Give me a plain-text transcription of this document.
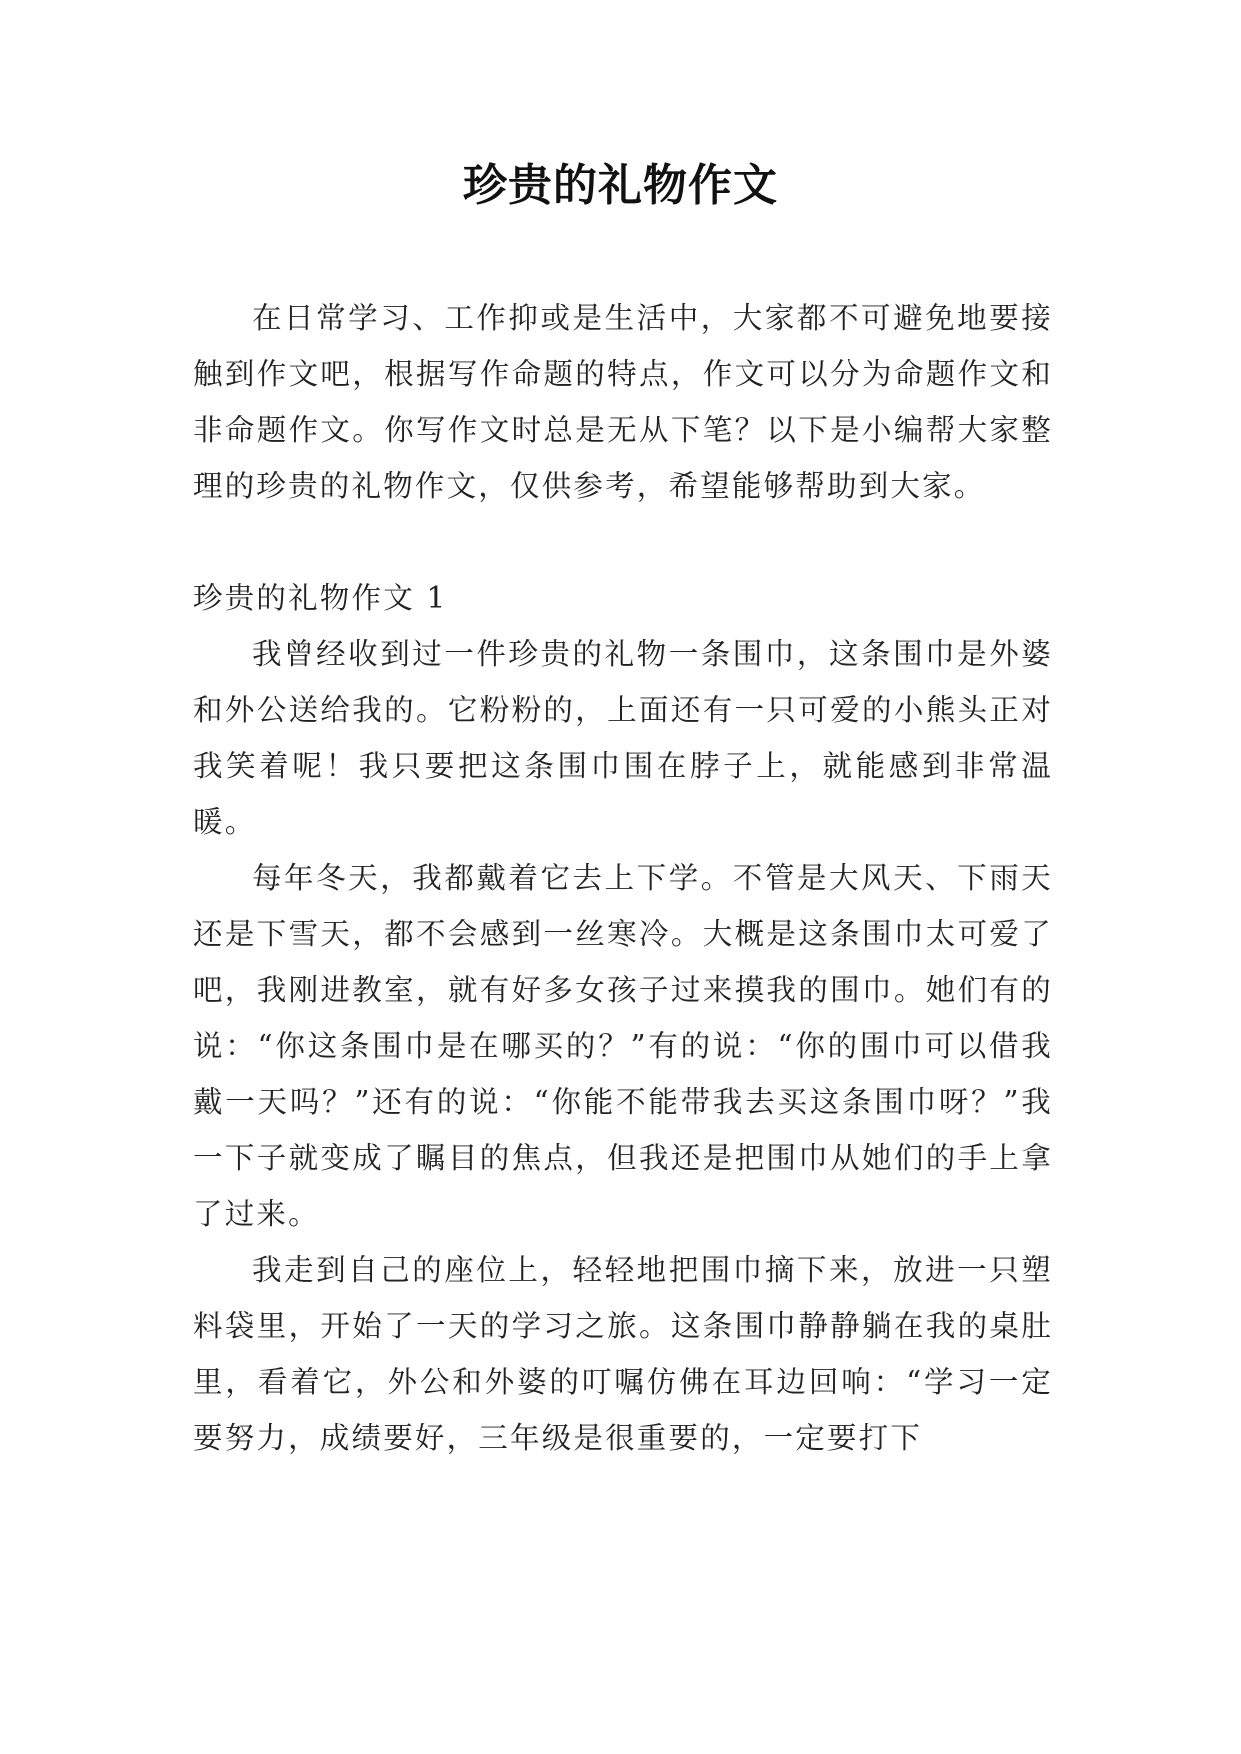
珍贵的礼物作文

在日常学习、工作抑或是生活中，大家都不可避免地要接触到作文吧，根据写作命题的特点，作文可以分为命题作文和非命题作文。你写作文时总是无从下笔？以下是小编帮大家整理的珍贵的礼物作文，仅供参考，希望能够帮助到大家。

珍贵的礼物作文 1

我曾经收到过一件珍贵的礼物一条围巾，这条围巾是外婆和外公送给我的。它粉粉的，上面还有一只可爱的小熊头正对我笑着呢！我只要把这条围巾围在脖子上，就能感到非常温暖。

每年冬天，我都戴着它去上下学。不管是大风天、下雨天还是下雪天，都不会感到一丝寒冷。大概是这条围巾太可爱了吧，我刚进教室，就有好多女孩子过来摸我的围巾。她们有的说：“你这条围巾是在哪买的？”有的说：“你的围巾可以借我戴一天吗？”还有的说：“你能不能带我去买这条围巾呀？”我一下子就变成了瞩目的焦点，但我还是把围巾从她们的手上拿了过来。

我走到自己的座位上，轻轻地把围巾摘下来，放进一只塑料袋里，开始了一天的学习之旅。这条围巾静静躺在我的桌肚里，看着它，外公和外婆的叮嘱仿佛在耳边回响：“学习一定要努力，成绩要好，三年级是很重要的，一定要打下
